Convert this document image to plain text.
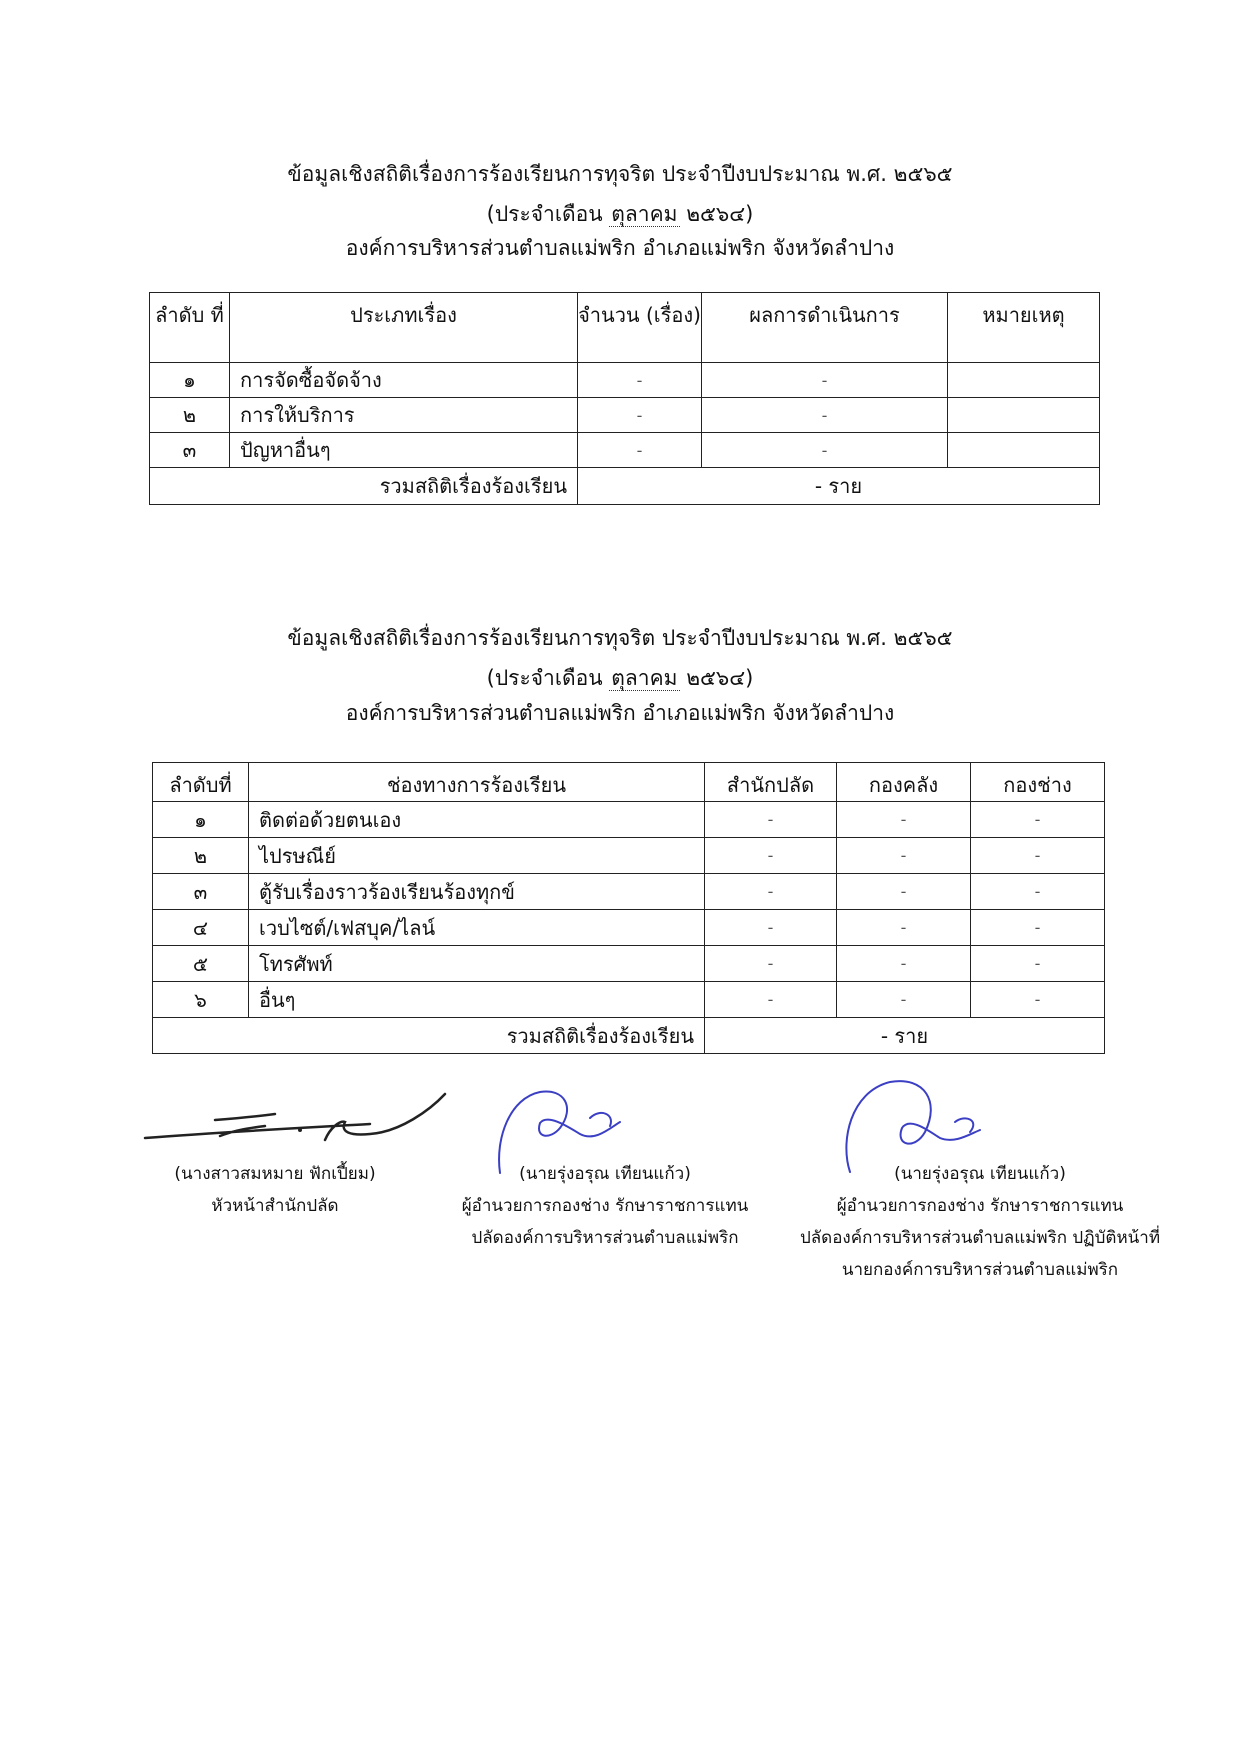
ข้อมูลเชิงสถิติเรื่องการร้องเรียนการทุจริต ประจำปีงบประมาณ พ.ศ. ๒๕๖๕
(ประจำเดือน ตุลาคม ๒๕๖๔)
องค์การบริหารส่วนตำบลแม่พริก อำเภอแม่พริก จังหวัดลำปาง
ลำดับ ที่	ประเภทเรื่อง	จำนวน (เรื่อง)	ผลการดำเนินการ	หมายเหตุ
๑	การจัดซื้อจัดจ้าง	-	-	
๒	การให้บริการ	-	-	
๓	ปัญหาอื่นๆ	-	-	
รวมสถิติเรื่องร้องเรียน		- ราย		
ข้อมูลเชิงสถิติเรื่องการร้องเรียนการทุจริต ประจำปีงบประมาณ พ.ศ. ๒๕๖๕
(ประจำเดือน ตุลาคม ๒๕๖๔)
องค์การบริหารส่วนตำบลแม่พริก อำเภอแม่พริก จังหวัดลำปาง
ลำดับที่	ช่องทางการร้องเรียน	สำนักปลัด	กองคลัง	กองช่าง
๑	ติดต่อด้วยตนเอง	-	-	-
๒	ไปรษณีย์	-	-	-
๓	ตู้รับเรื่องราวร้องเรียนร้องทุกข์	-	-	-
๔	เวบไซต์/เฟสบุค/ไลน์	-	-	-
๕	โทรศัพท์	-	-	-
๖	อื่นๆ	-	-	-
รวมสถิติเรื่องร้องเรียน		- ราย		
(นางสาวสมหมาย ฟักเปี้ยม)
หัวหน้าสำนักปลัด
(นายรุ่งอรุณ เทียนแก้ว)
ผู้อำนวยการกองช่าง รักษาราชการแทน
ปลัดองค์การบริหารส่วนตำบลแม่พริก
(นายรุ่งอรุณ เทียนแก้ว)
ผู้อำนวยการกองช่าง รักษาราชการแทน
ปลัดองค์การบริหารส่วนตำบลแม่พริก ปฏิบัติหน้าที่
นายกองค์การบริหารส่วนตำบลแม่พริก
